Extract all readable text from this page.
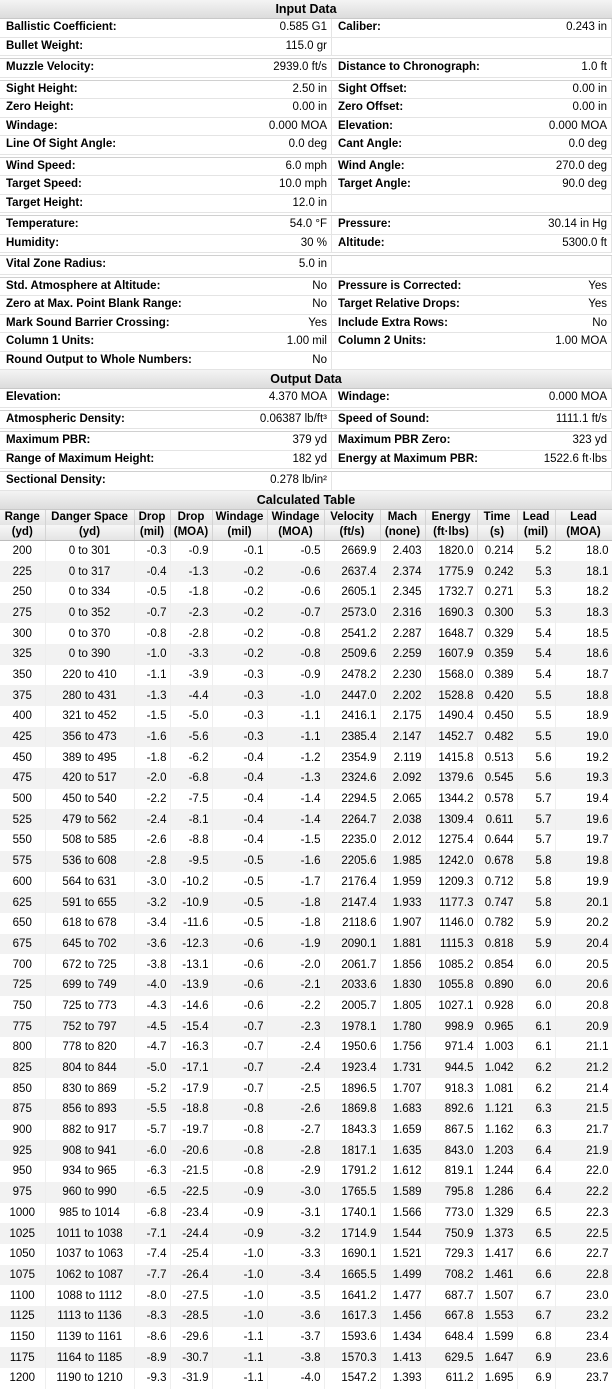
Input Data
Ballistic Coefficient:	0.585 G1 Caliber:	0.243 in
Bullet Weight:	115.0 gr
Muzzle Velocity:	2939.0 ft/s Distance to Chronograph:	1.0 ft
Sight Height:	2.50 in Sight Offset:	0.00 in
Zero Height:	0.00 in Zero Offset:	0.00 in
Windage:	0.000 MOA Elevation:	0.000 MOA
Line Of Sight Angle:	0.0 deg Cant Angle:	0.0 deg
Wind Speed:	6.0 mph Wind Angle:	270.0 deg
Target Speed:	10.0 mph Target Angle:	90.0 deg
Target Height:	12.0 in
Temperature:	54.0 °F Pressure:	30.14 in Hg
Humidity:	30 % Altitude:	5300.0 ft
Vital Zone Radius:	5.0 in
Std. Atmosphere at Altitude:	No Pressure is Corrected:	Yes
Zero at Max. Point Blank Range:	No Target Relative Drops:	Yes
Mark Sound Barrier Crossing:	Yes Include Extra Rows:	No
Column 1 Units:	1.00 mil Column 2 Units:	1.00 MOA
Round Output to Whole Numbers:	No
Output Data
Elevation:	4.370 MOA Windage:	0.000 MOA
Atmospheric Density:	0.06387 lb/ft³ Speed of Sound:	1111.1 ft/s
Maximum PBR:	379 yd Maximum PBR Zero:	323 yd
Range of Maximum Height:	182 yd Energy at Maximum PBR:	1522.6 ft·lbs
Sectional Density:	0.278 lb/in²
Calculated Table
Range	Danger Space	Drop	Drop	Windage	Windage	Velocity	Mach	Energy	Time	Lead	Lead
(yd)	(yd)	(mil)	(MOA)	(mil)	(MOA)	(ft/s)	(none)	(ft·lbs)	(s)	(mil)	(MOA)
200	0 to 301	-0.3	-0.9	-0.1	-0.5	2669.9	2.403	1820.0	0.214	5.2	18.0
225	0 to 317	-0.4	-1.3	-0.2	-0.6	2637.4	2.374	1775.9	0.242	5.3	18.1
250	0 to 334	-0.5	-1.8	-0.2	-0.6	2605.1	2.345	1732.7	0.271	5.3	18.2
275	0 to 352	-0.7	-2.3	-0.2	-0.7	2573.0	2.316	1690.3	0.300	5.3	18.3
300	0 to 370	-0.8	-2.8	-0.2	-0.8	2541.2	2.287	1648.7	0.329	5.4	18.5
325	0 to 390	-1.0	-3.3	-0.2	-0.8	2509.6	2.259	1607.9	0.359	5.4	18.6
350	220 to 410	-1.1	-3.9	-0.3	-0.9	2478.2	2.230	1568.0	0.389	5.4	18.7
375	280 to 431	-1.3	-4.4	-0.3	-1.0	2447.0	2.202	1528.8	0.420	5.5	18.8
400	321 to 452	-1.5	-5.0	-0.3	-1.1	2416.1	2.175	1490.4	0.450	5.5	18.9
425	356 to 473	-1.6	-5.6	-0.3	-1.1	2385.4	2.147	1452.7	0.482	5.5	19.0
450	389 to 495	-1.8	-6.2	-0.4	-1.2	2354.9	2.119	1415.8	0.513	5.6	19.2
475	420 to 517	-2.0	-6.8	-0.4	-1.3	2324.6	2.092	1379.6	0.545	5.6	19.3
500	450 to 540	-2.2	-7.5	-0.4	-1.4	2294.5	2.065	1344.2	0.578	5.7	19.4
525	479 to 562	-2.4	-8.1	-0.4	-1.4	2264.7	2.038	1309.4	0.611	5.7	19.6
550	508 to 585	-2.6	-8.8	-0.4	-1.5	2235.0	2.012	1275.4	0.644	5.7	19.7
575	536 to 608	-2.8	-9.5	-0.5	-1.6	2205.6	1.985	1242.0	0.678	5.8	19.8
600	564 to 631	-3.0	-10.2	-0.5	-1.7	2176.4	1.959	1209.3	0.712	5.8	19.9
625	591 to 655	-3.2	-10.9	-0.5	-1.8	2147.4	1.933	1177.3	0.747	5.8	20.1
650	618 to 678	-3.4	-11.6	-0.5	-1.8	2118.6	1.907	1146.0	0.782	5.9	20.2
675	645 to 702	-3.6	-12.3	-0.6	-1.9	2090.1	1.881	1115.3	0.818	5.9	20.4
700	672 to 725	-3.8	-13.1	-0.6	-2.0	2061.7	1.856	1085.2	0.854	6.0	20.5
725	699 to 749	-4.0	-13.9	-0.6	-2.1	2033.6	1.830	1055.8	0.890	6.0	20.6
750	725 to 773	-4.3	-14.6	-0.6	-2.2	2005.7	1.805	1027.1	0.928	6.0	20.8
775	752 to 797	-4.5	-15.4	-0.7	-2.3	1978.1	1.780	998.9	0.965	6.1	20.9
800	778 to 820	-4.7	-16.3	-0.7	-2.4	1950.6	1.756	971.4	1.003	6.1	21.1
825	804 to 844	-5.0	-17.1	-0.7	-2.4	1923.4	1.731	944.5	1.042	6.2	21.2
850	830 to 869	-5.2	-17.9	-0.7	-2.5	1896.5	1.707	918.3	1.081	6.2	21.4
875	856 to 893	-5.5	-18.8	-0.8	-2.6	1869.8	1.683	892.6	1.121	6.3	21.5
900	882 to 917	-5.7	-19.7	-0.8	-2.7	1843.3	1.659	867.5	1.162	6.3	21.7
925	908 to 941	-6.0	-20.6	-0.8	-2.8	1817.1	1.635	843.0	1.203	6.4	21.9
950	934 to 965	-6.3	-21.5	-0.8	-2.9	1791.2	1.612	819.1	1.244	6.4	22.0
975	960 to 990	-6.5	-22.5	-0.9	-3.0	1765.5	1.589	795.8	1.286	6.4	22.2
1000	985 to 1014	-6.8	-23.4	-0.9	-3.1	1740.1	1.566	773.0	1.329	6.5	22.3
1025	1011 to 1038	-7.1	-24.4	-0.9	-3.2	1714.9	1.544	750.9	1.373	6.5	22.5
1050	1037 to 1063	-7.4	-25.4	-1.0	-3.3	1690.1	1.521	729.3	1.417	6.6	22.7
1075	1062 to 1087	-7.7	-26.4	-1.0	-3.4	1665.5	1.499	708.2	1.461	6.6	22.8
1100	1088 to 1112	-8.0	-27.5	-1.0	-3.5	1641.2	1.477	687.7	1.507	6.7	23.0
1125	1113 to 1136	-8.3	-28.5	-1.0	-3.6	1617.3	1.456	667.8	1.553	6.7	23.2
1150	1139 to 1161	-8.6	-29.6	-1.1	-3.7	1593.6	1.434	648.4	1.599	6.8	23.4
1175	1164 to 1185	-8.9	-30.7	-1.1	-3.8	1570.3	1.413	629.5	1.647	6.9	23.6
1200	1190 to 1210	-9.3	-31.9	-1.1	-4.0	1547.2	1.393	611.2	1.695	6.9	23.7
